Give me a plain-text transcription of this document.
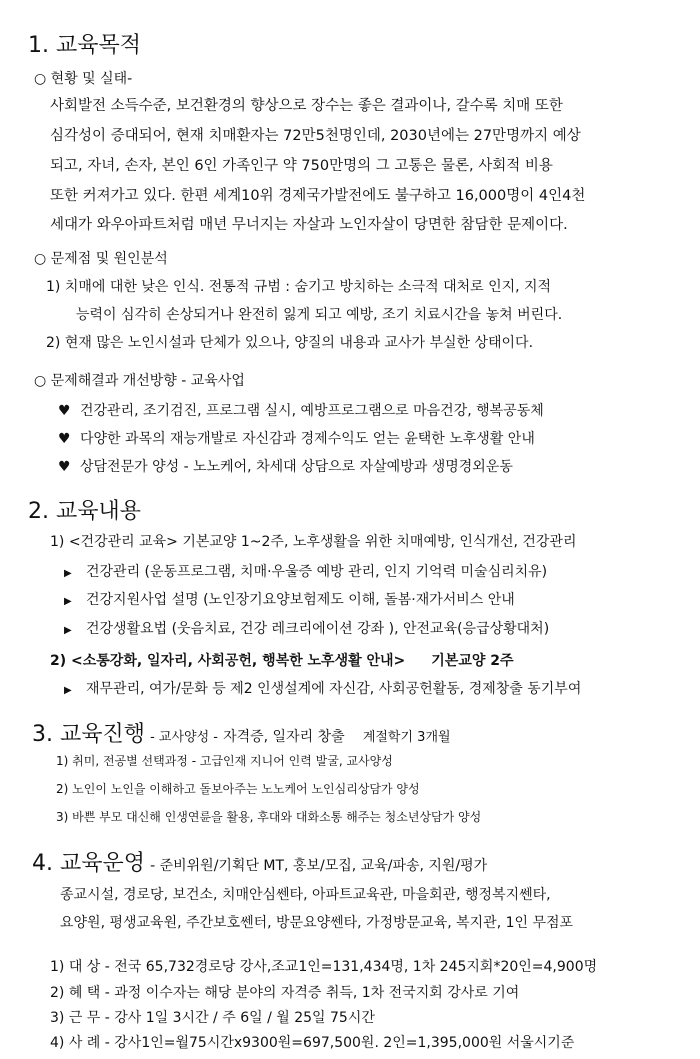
1. 교육목적
○ 현황 및 실태-
사회발전 소득수준, 보건환경의 향상으로 장수는 좋은 결과이나, 갈수록 치매 또한
심각성이 증대되어, 현재 치매환자는 72만5천명인데, 2030년에는 27만명까지 예상
되고, 자녀, 손자, 본인 6인 가족인구 약 750만명의 그 고통은 물론, 사회적 비용
또한 커져가고 있다. 한편 세계10위 경제국가발전에도 불구하고 16,000명이 4인4천
세대가 와우아파트처럼 매년 무너지는 자살과 노인자살이 당면한 참담한 문제이다.
○ 문제점 및 원인분석
1) 치매에 대한 낮은 인식. 전통적 규범 : 숨기고 방치하는 소극적 대처로 인지, 지적
능력이 심각히 손상되거나 완전히 잃게 되고 예방, 조기 치료시간을 놓쳐 버린다.
2) 현재 많은 노인시설과 단체가 있으나, 양질의 내용과 교사가 부실한 상태이다.
○ 문제해결과 개선방향 - 교육사업
♥ 건강관리, 조기검진, 프로그램 실시, 예방프로그램으로 마음건강, 행복공동체
♥ 다양한 과목의 재능개발로 자신감과 경제수익도 얻는 윤택한 노후생활 안내
♥ 상담전문가 양성 - 노노케어, 차세대 상담으로 자살예방과 생명경외운동
2. 교육내용
1) <건강관리 교육> 기본교양 1~2주, 노후생활을 위한 치매예방, 인식개선, 건강관리
▶ 건강관리 (운동프로그램, 치매·우울증 예방 관리, 인지 기억력 미술심리치유)
▶ 건강지원사업 설명 (노인장기요양보험제도 이해, 돌봄·재가서비스 안내
▶ 건강생활요법 (웃음치료, 건강 레크리에이션 강좌 ), 안전교육(응급상황대처)
2) <소통강화, 일자리, 사회공헌, 행복한 노후생활 안내> 기본교양 2주
▶ 재무관리, 여가/문화 등 제2 인생설계에 자신감, 사회공헌활동, 경제창출 동기부여
3. 교육진행 - 교사양성 - 자격증, 일자리 창출 계절학기 3개월
1) 취미, 전공별 선택과정 - 고급인재 지니어 인력 발굴, 교사양성
2) 노인이 노인을 이해하고 돌보아주는 노노케어 노인심리상담가 양성
3) 바쁜 부모 대신해 인생연륜을 활용, 후대와 대화소통 해주는 청소년상담가 양성
4. 교육운영 - 준비위원/기획단 MT, 홍보/모집, 교육/파송, 지원/평가
종교시설, 경로당, 보건소, 치매안심쎈타, 아파트교육관, 마을회관, 행정복지쎈타,
요양원, 평생교육원, 주간보호쎈터, 방문요양쎈타, 가정방문교육, 복지관, 1인 무점포
1) 대 상 - 전국 65,732경로당 강사,조교1인=131,434명, 1차 245지회*20인=4,900명
2) 혜 택 - 과정 이수자는 해당 분야의 자격증 취득, 1차 전국지회 강사로 기여
3) 근 무 - 강사 1일 3시간 / 주 6일 / 월 25일 75시간
4) 사 례 - 강사1인=월75시간x9300원=697,500원. 2인=1,395,000원 서울시기준
